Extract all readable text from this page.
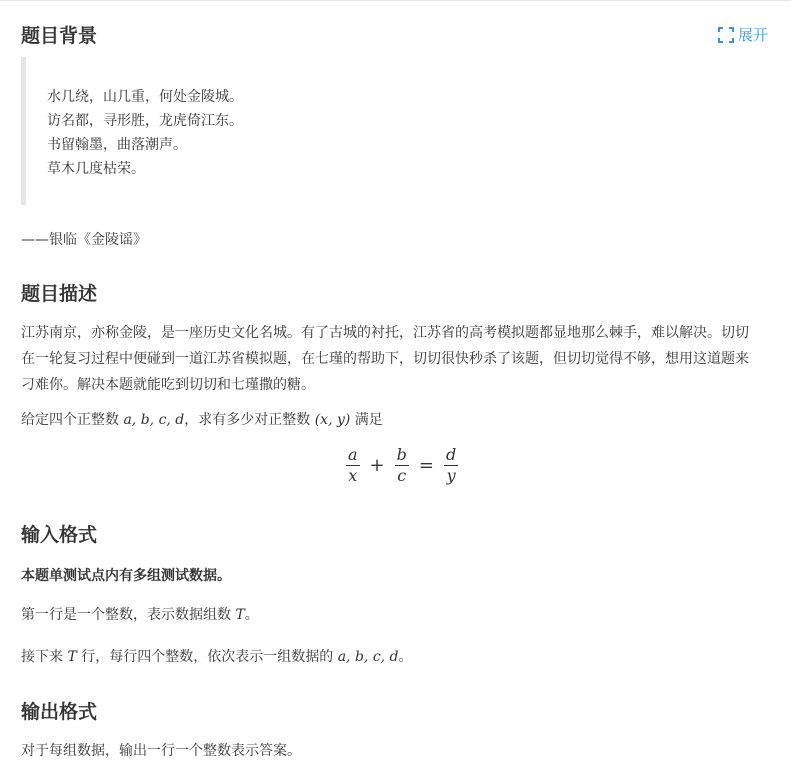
题目背景	展开
水几绕，山几重，何处金陵城。
访名都，寻形胜，龙虎倚江东。
书留翰墨，曲落潮声。
草木几度枯荣。
——银临《金陵谣》
题目描述
江苏南京，亦称金陵，是一座历史文化名城。有了古城的衬托，江苏省的高考模拟题都显地那么棘手，难以解决。切切在一轮复习过程中便碰到一道江苏省模拟题，在七瑾的帮助下，切切很快秒杀了该题，但切切觉得不够，想用这道题来刁难你。解决本题就能吃到切切和七瑾撒的糖。
给定四个正整数 a, b, c, d，求有多少对正整数 (x, y) 满足
$\frac{a}{x} + \frac{b}{c} = \frac{d}{y}$
输入格式
本题单测试点内有多组测试数据。
第一行是一个整数，表示数据组数 T。
接下来 T 行，每行四个整数，依次表示一组数据的 a, b, c, d。
输出格式
对于每组数据，输出一行一个整数表示答案。
